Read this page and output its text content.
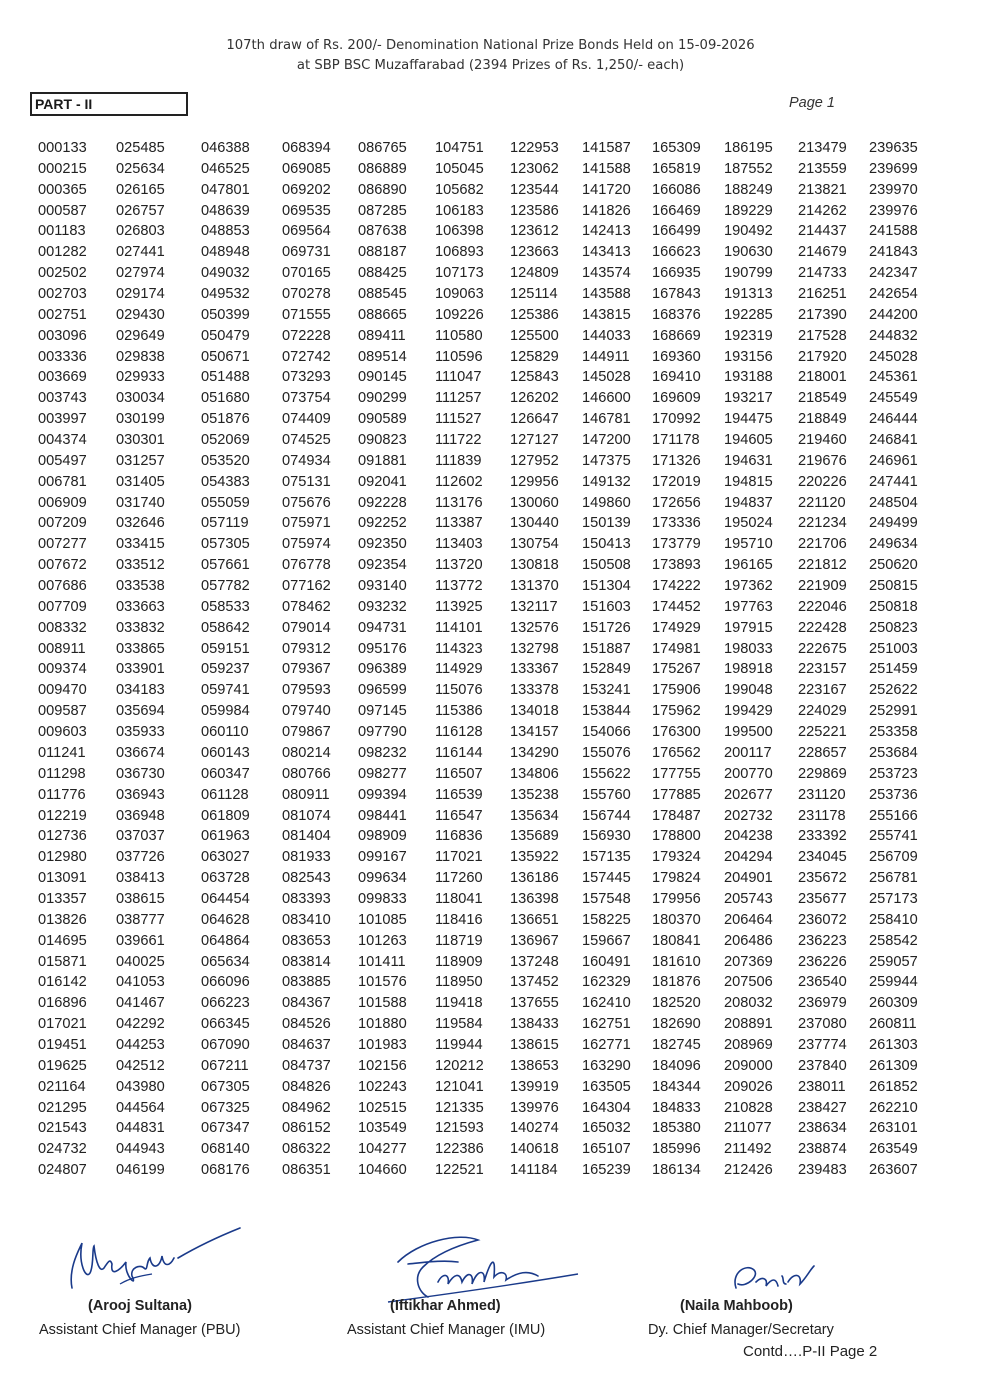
107th draw of Rs. 200/- Denomination National Prize Bonds Held on 15-09-2026
at SBP BSC Muzaffarabad (2394 Prizes of Rs. 1,250/- each)
PART - II	Page 1
000133
000215
000365
000587
001183
001282
002502
002703
002751
003096
003336
003669
003743
003997
004374
005497
006781
006909
007209
007277
007672
007686
007709
008332
008911
009374
009470
009587
009603
011241
011298
011776
012219
012736
012980
013091
013357
013826
014695
015871
016142
016896
017021
019451
019625
021164
021295
021543
024732
024807
025485
025634
026165
026757
026803
027441
027974
029174
029430
029649
029838
029933
030034
030199
030301
031257
031405
031740
032646
033415
033512
033538
033663
033832
033865
033901
034183
035694
035933
036674
036730
036943
036948
037037
037726
038413
038615
038777
039661
040025
041053
041467
042292
044253
042512
043980
044564
044831
044943
046199
046388
046525
047801
048639
048853
048948
049032
049532
050399
050479
050671
051488
051680
051876
052069
053520
054383
055059
057119
057305
057661
057782
058533
058642
059151
059237
059741
059984
060110
060143
060347
061128
061809
061963
063027
063728
064454
064628
064864
065634
066096
066223
066345
067090
067211
067305
067325
067347
068140
068176
068394
069085
069202
069535
069564
069731
070165
070278
071555
072228
072742
073293
073754
074409
074525
074934
075131
075676
075971
075974
076778
077162
078462
079014
079312
079367
079593
079740
079867
080214
080766
080911
081074
081404
081933
082543
083393
083410
083653
083814
083885
084367
084526
084637
084737
084826
084962
086152
086322
086351
086765
086889
086890
087285
087638
088187
088425
088545
088665
089411
089514
090145
090299
090589
090823
091881
092041
092228
092252
092350
092354
093140
093232
094731
095176
096389
096599
097145
097790
098232
098277
099394
098441
098909
099167
099634
099833
101085
101263
101411
101576
101588
101880
101983
102156
102243
102515
103549
104277
104660
104751
105045
105682
106183
106398
106893
107173
109063
109226
110580
110596
111047
111257
111527
111722
111839
112602
113176
113387
113403
113720
113772
113925
114101
114323
114929
115076
115386
116128
116144
116507
116539
116547
116836
117021
117260
118041
118416
118719
118909
118950
119418
119584
119944
120212
121041
121335
121593
122386
122521
122953
123062
123544
123586
123612
123663
124809
125114
125386
125500
125829
125843
126202
126647
127127
127952
129956
130060
130440
130754
130818
131370
132117
132576
132798
133367
133378
134018
134157
134290
134806
135238
135634
135689
135922
136186
136398
136651
136967
137248
137452
137655
138433
138615
138653
139919
139976
140274
140618
141184
141587
141588
141720
141826
142413
143413
143574
143588
143815
144033
144911
145028
146600
146781
147200
147375
149132
149860
150139
150413
150508
151304
151603
151726
151887
152849
153241
153844
154066
155076
155622
155760
156744
156930
157135
157445
157548
158225
159667
160491
162329
162410
162751
162771
163290
163505
164304
165032
165107
165239
165309
165819
166086
166469
166499
166623
166935
167843
168376
168669
169360
169410
169609
170992
171178
171326
172019
172656
173336
173779
173893
174222
174452
174929
174981
175267
175906
175962
176300
176562
177755
177885
178487
178800
179324
179824
179956
180370
180841
181610
181876
182520
182690
182745
184096
184344
184833
185380
185996
186134
186195
187552
188249
189229
190492
190630
190799
191313
192285
192319
193156
193188
193217
194475
194605
194631
194815
194837
195024
195710
196165
197362
197763
197915
198033
198918
199048
199429
199500
200117
200770
202677
202732
204238
204294
204901
205743
206464
206486
207369
207506
208032
208891
208969
209000
209026
210828
211077
211492
212426
213479
213559
213821
214262
214437
214679
214733
216251
217390
217528
217920
218001
218549
218849
219460
219676
220226
221120
221234
221706
221812
221909
222046
222428
222675
223157
223167
224029
225221
228657
229869
231120
231178
233392
234045
235672
235677
236072
236223
236226
236540
236979
237080
237774
237840
238011
238427
238634
238874
239483
239635
239699
239970
239976
241588
241843
242347
242654
244200
244832
245028
245361
245549
246444
246841
246961
247441
248504
249499
249634
250620
250815
250818
250823
251003
251459
252622
252991
253358
253684
253723
253736
255166
255741
256709
256781
257173
258410
258542
259057
259944
260309
260811
261303
261309
261852
262210
263101
263549
263607
(Arooj Sultana)
Assistant Chief Manager (PBU)
(Iftikhar Ahmed)
Assistant Chief Manager (IMU)
(Naila Mahboob)
Dy. Chief Manager/Secretary
Contd….P-II Page 2
